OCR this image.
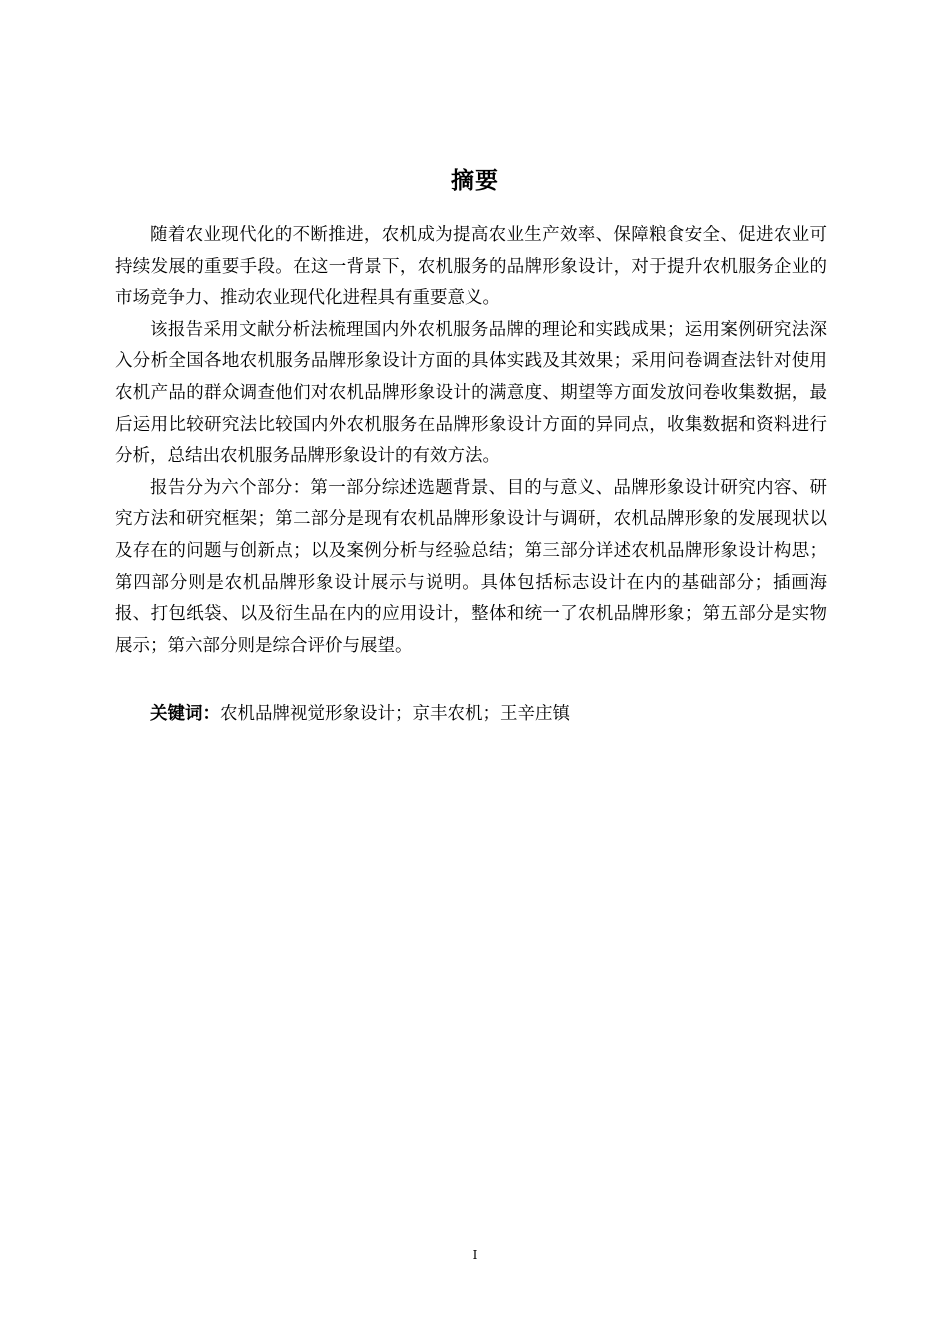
摘要

随着农业现代化的不断推进，农机成为提高农业生产效率、保障粮食安全、促进农业可持续发展的重要手段。在这一背景下，农机服务的品牌形象设计，对于提升农机服务企业的市场竞争力、推动农业现代化进程具有重要意义。

该报告采用文献分析法梳理国内外农机服务品牌的理论和实践成果；运用案例研究法深入分析全国各地农机服务品牌形象设计方面的具体实践及其效果；采用问卷调查法针对使用农机产品的群众调查他们对农机品牌形象设计的满意度、期望等方面发放问卷收集数据，最后运用比较研究法比较国内外农机服务在品牌形象设计方面的异同点，收集数据和资料进行分析，总结出农机服务品牌形象设计的有效方法。

报告分为六个部分：第一部分综述选题背景、目的与意义、品牌形象设计研究内容、研究方法和研究框架；第二部分是现有农机品牌形象设计与调研，农机品牌形象的发展现状以及存在的问题与创新点；以及案例分析与经验总结；第三部分详述农机品牌形象设计构思；第四部分则是农机品牌形象设计展示与说明。具体包括标志设计在内的基础部分；插画海报、打包纸袋、以及衍生品在内的应用设计，整体和统一了农机品牌形象；第五部分是实物展示；第六部分则是综合评价与展望。

关键词：农机品牌视觉形象设计；京丰农机；王辛庄镇
I
